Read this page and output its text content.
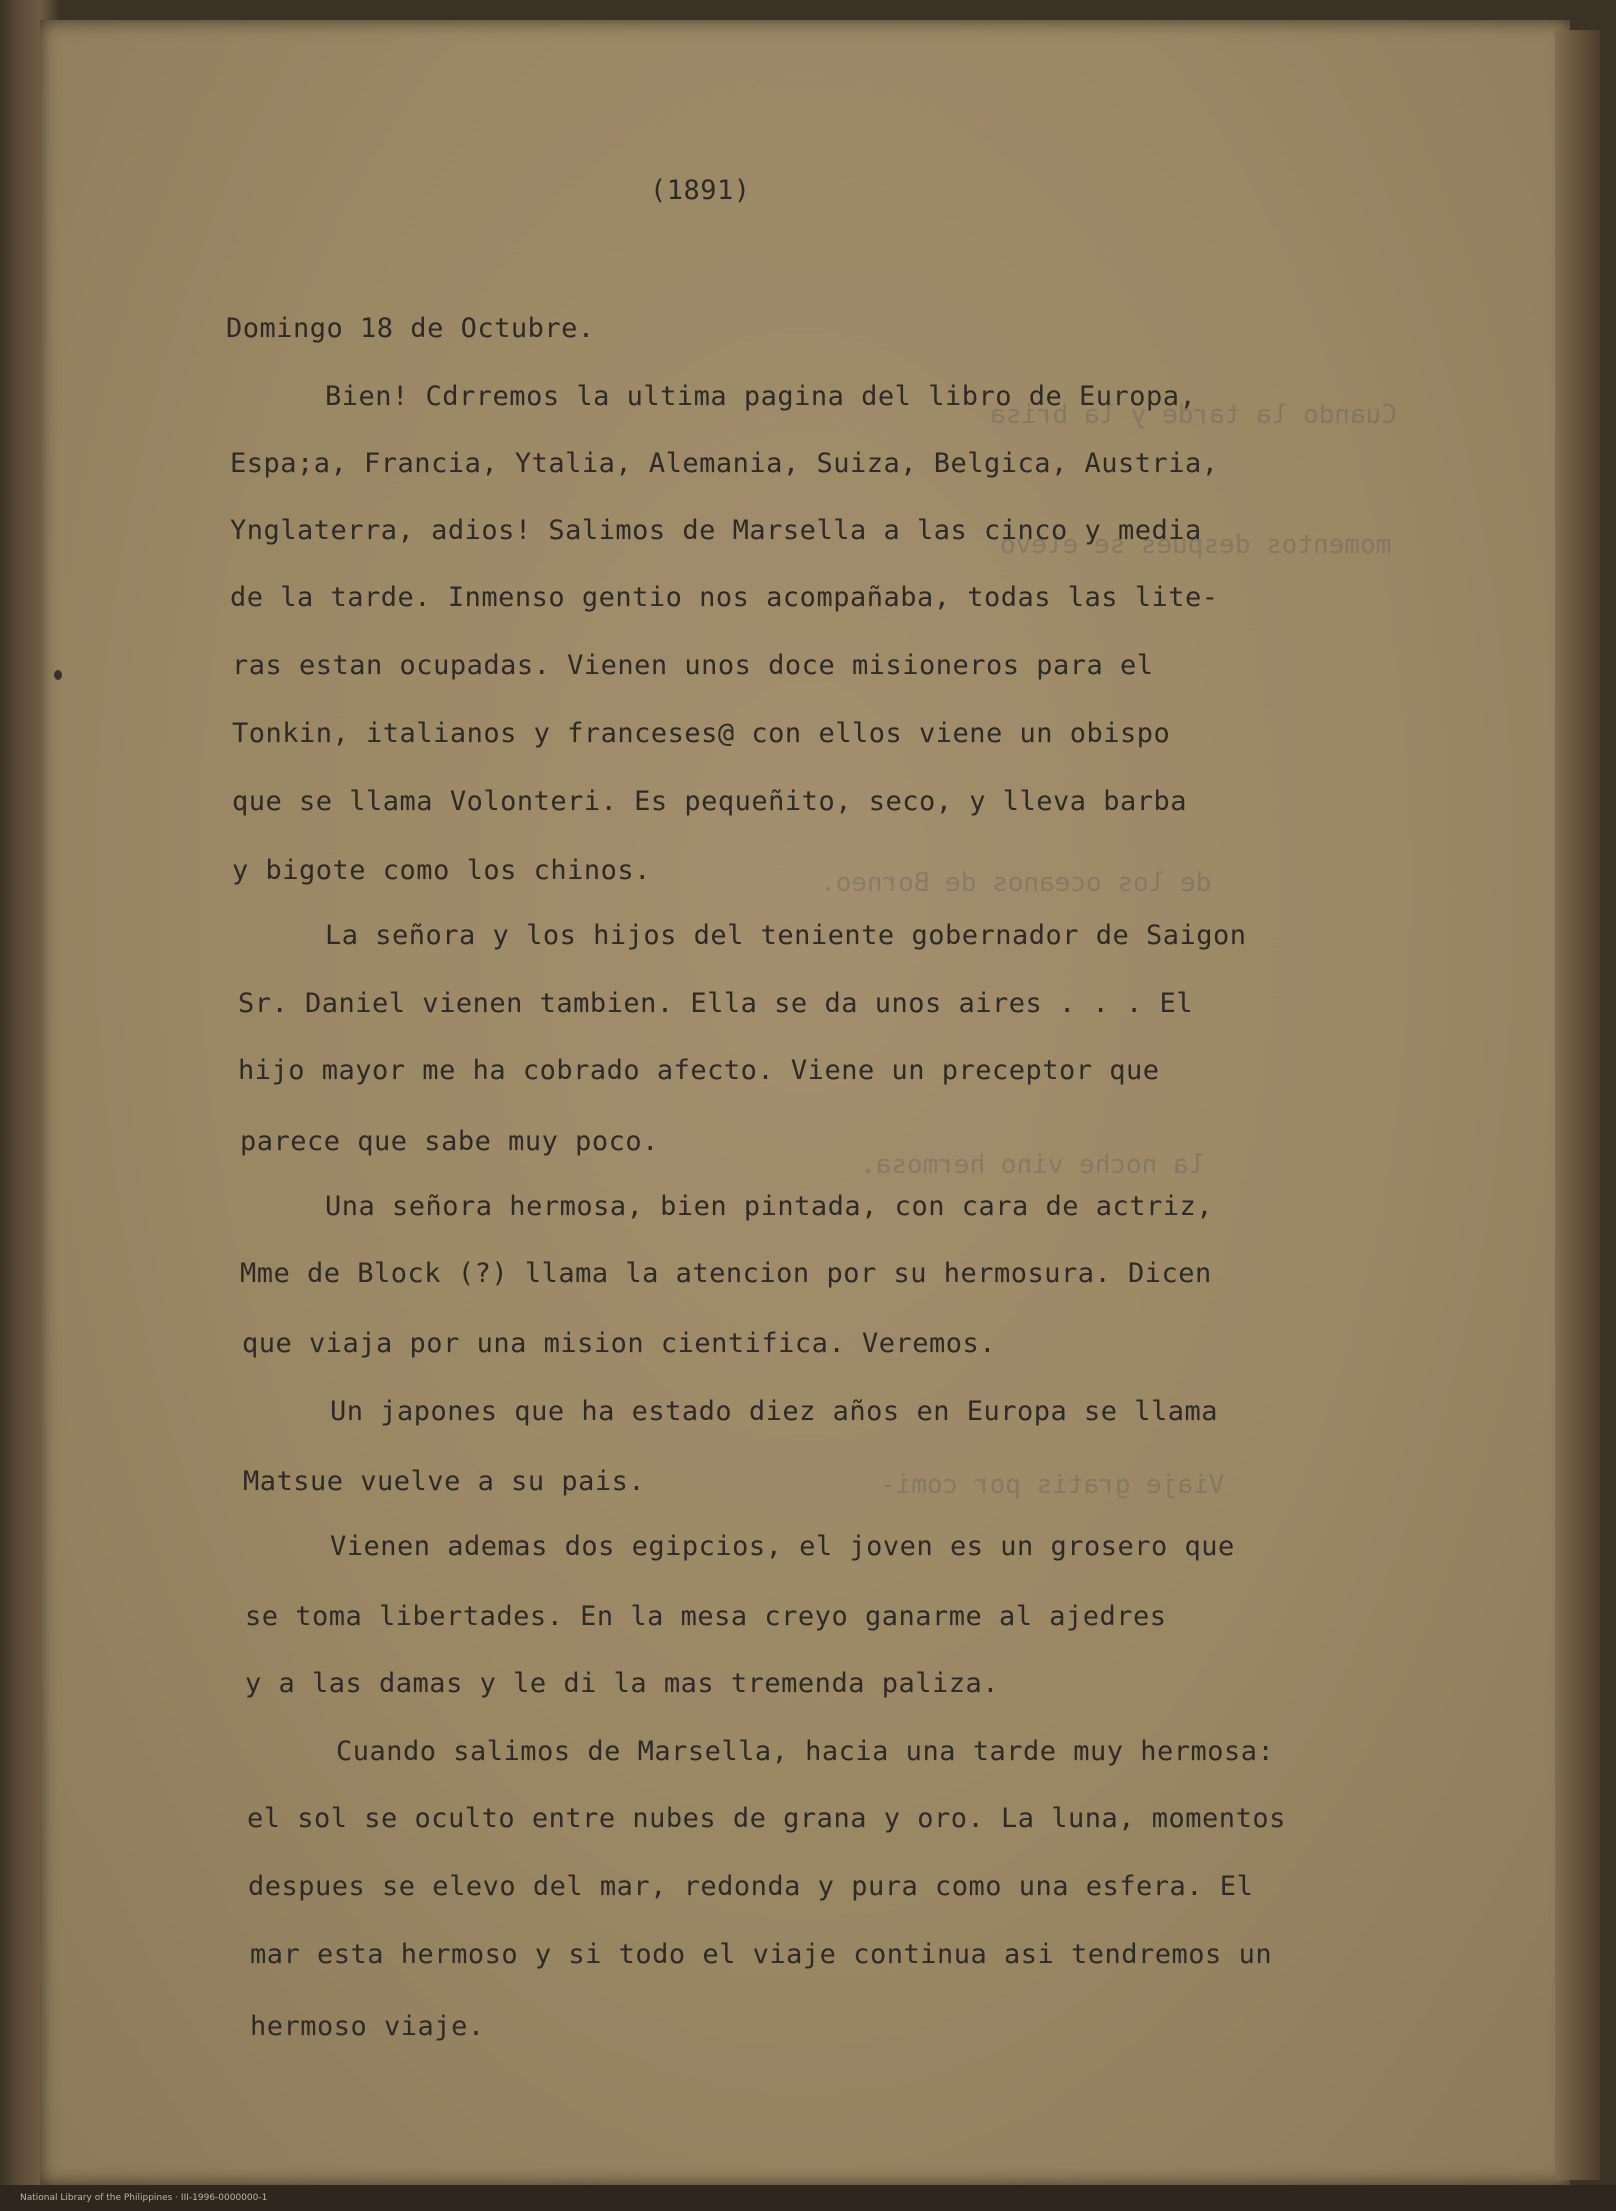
Cuando la tarde y la brisa
momentos despues se elevo
de los oceanos de Borneo.
la noche vino hermosa.
Viaje gratis por comi-
(1891)

Domingo 18 de Octubre.

Bien! Cdrremos la ultima pagina del libro de Europa,

Espa;a, Francia, Ytalia, Alemania, Suiza, Belgica, Austria,

Ynglaterra, adios! Salimos de Marsella a las cinco y media

de la tarde. Inmenso gentio nos acompañaba, todas las lite-

ras estan ocupadas. Vienen unos doce misioneros para el

Tonkin, italianos y franceses@ con ellos viene un obispo

que se llama Volonteri. Es pequeñito, seco, y lleva barba

y bigote como los chinos.

La señora y los hijos del teniente gobernador de Saigon

Sr. Daniel vienen tambien. Ella se da unos aires . . . El

hijo mayor me ha cobrado afecto. Viene un preceptor que

parece que sabe muy poco.

Una señora hermosa, bien pintada, con cara de actriz,

Mme de Block (?) llama la atencion por su hermosura. Dicen

que viaja por una mision cientifica. Veremos.

Un japones que ha estado diez años en Europa se llama

Matsue vuelve a su pais.

Vienen ademas dos egipcios, el joven es un grosero que

se toma libertades. En la mesa creyo ganarme al ajedres

y a las damas y le di la mas tremenda paliza.

Cuando salimos de Marsella, hacia una tarde muy hermosa:

el sol se oculto entre nubes de grana y oro. La luna, momentos

despues se elevo del mar, redonda y pura como una esfera. El

mar esta hermoso y si todo el viaje continua asi tendremos un

hermoso viaje.

National Library of the Philippines · III-1996-0000000-1
